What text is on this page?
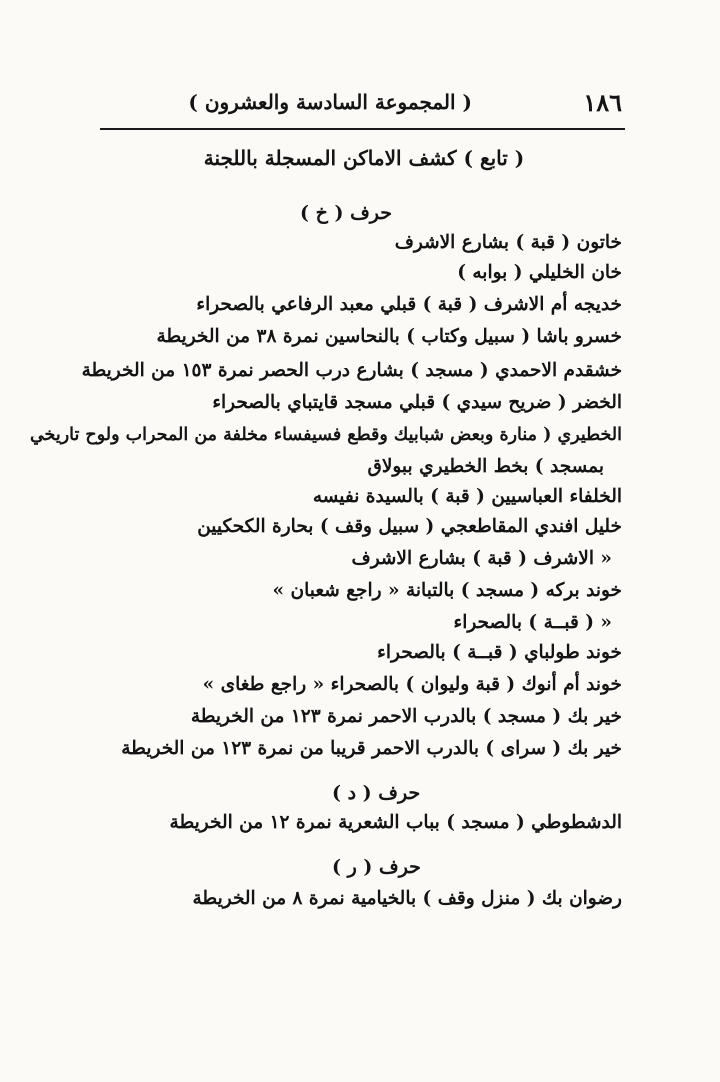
١٨٦
( المجموعة السادسة والعشرون )
( تابع ) كشف الاماكن المسجلة باللجنة
حرف ( خ )
خاتون ( قبة ) بشارع الاشرف
خان الخليلي ( بوابه )
خديجه أم الاشرف ( قبة ) قبلي معبد الرفاعي بالصحراء
خسرو باشا ( سبيل وكتاب ) بالنحاسين نمرة ٣٨ من الخريطة
خشقدم الاحمدي ( مسجد ) بشارع درب الحصر نمرة ١٥٣ من الخريطة
الخضر ( ضريح سيدي ) قبلي مسجد قايتباي بالصحراء
الخطيري ( منارة وبعض شبابيك وقطع فسيفساء مخلفة من المحراب ولوح تاريخي
بمسجد ) بخط الخطيري ببولاق
الخلفاء العباسيين ( قبة ) بالسيدة نفيسه
خليل افندي المقاطعجي ( سبيل وقف ) بحارة الكحكيين
« الاشرف ( قبة ) بشارع الاشرف
خوند بركه ( مسجد ) بالتبانة « راجع شعبان »
« ( قبــة ) بالصحراء
خوند طولباي ( قبــة ) بالصحراء
خوند أم أنوك ( قبة وليوان ) بالصحراء « راجع طغاى »
خير بك ( مسجد ) بالدرب الاحمر نمرة ١٢٣ من الخريطة
خير بك ( سراى ) بالدرب الاحمر قريبا من نمرة ١٢٣ من الخريطة
الدشطوطي ( مسجد ) بباب الشعرية نمرة ١٢ من الخريطة
رضوان بك ( منزل وقف ) بالخيامية نمرة ٨ من الخريطة
حرف ( د )
حرف ( ر )
